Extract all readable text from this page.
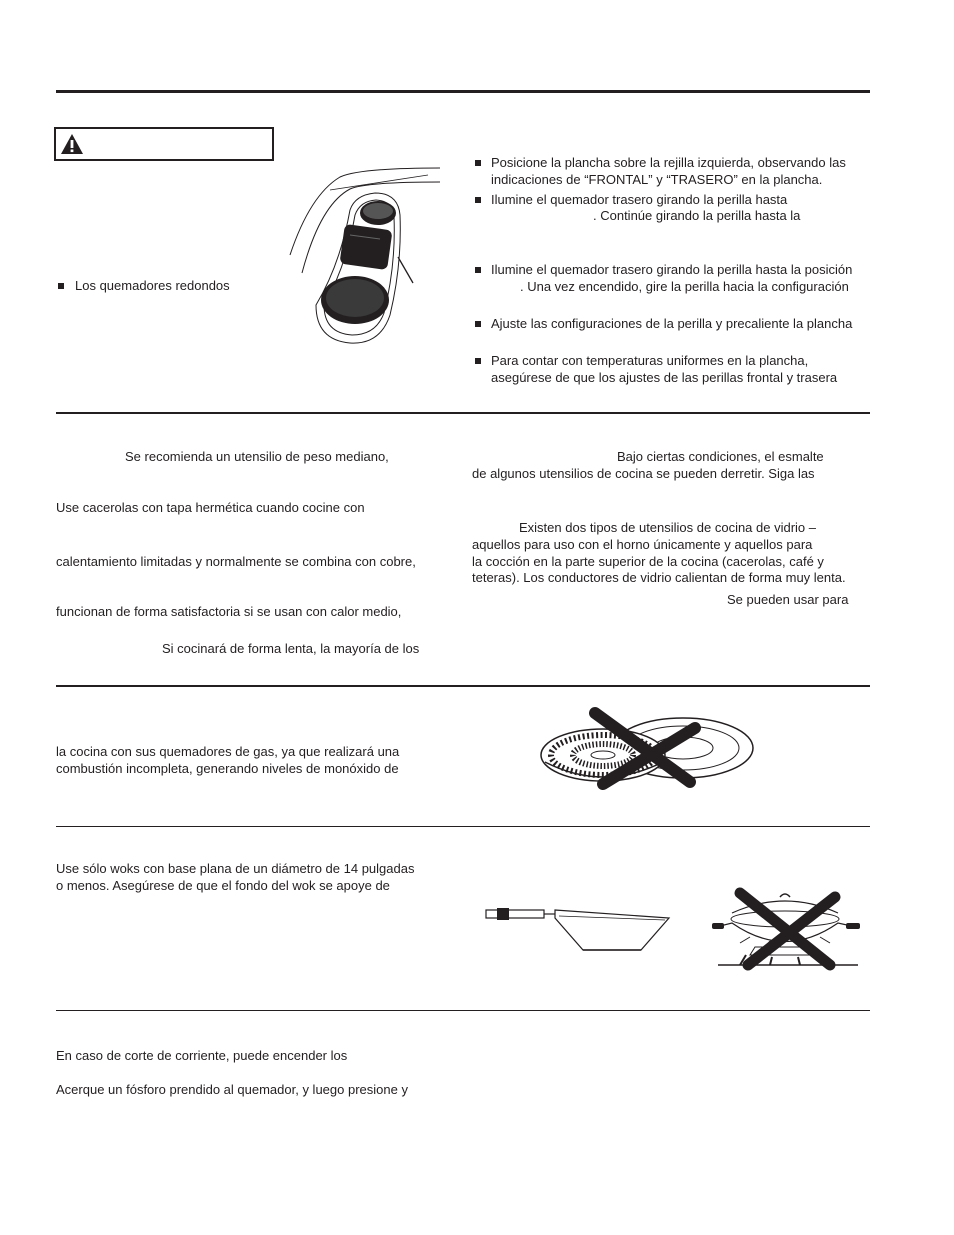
Los quemadores redondos
Posicione la plancha sobre la rejilla izquierda, observando las
indicaciones de “FRONTAL” y “TRASERO” en la plancha.
Ilumine el quemador trasero girando la perilla hasta
. Continúe girando la perilla hasta la
Ilumine el quemador trasero girando la perilla hasta la posición
. Una vez encendido, gire la perilla hacia la configuración
Ajuste las configuraciones de la perilla y precaliente la plancha
Para contar con temperaturas uniformes en la plancha,
asegúrese de que los ajustes de las perillas frontal y trasera
Se recomienda un utensilio de peso mediano,
Use cacerolas con tapa hermética cuando cocine con
calentamiento limitadas y normalmente se combina con cobre,
funcionan de forma satisfactoria si se usan con calor medio,
Si cocinará de forma lenta, la mayoría de los
Bajo ciertas condiciones, el esmalte
de algunos utensilios de cocina se pueden derretir. Siga las
Existen dos tipos de utensilios de cocina de vidrio –
aquellos para uso con el horno únicamente y aquellos para
la cocción en la parte superior de la cocina (cacerolas, café y
teteras). Los conductores de vidrio calientan de forma muy lenta.
Se pueden usar para
la cocina con sus quemadores de gas, ya que realizará una
combustión incompleta, generando niveles de monóxido de
Use sólo woks con base plana de un diámetro de 14 pulgadas
o menos. Asegúrese de que el fondo del wok se apoye de
En caso de corte de corriente, puede encender los
Acerque un fósforo prendido al quemador, y luego presione y
